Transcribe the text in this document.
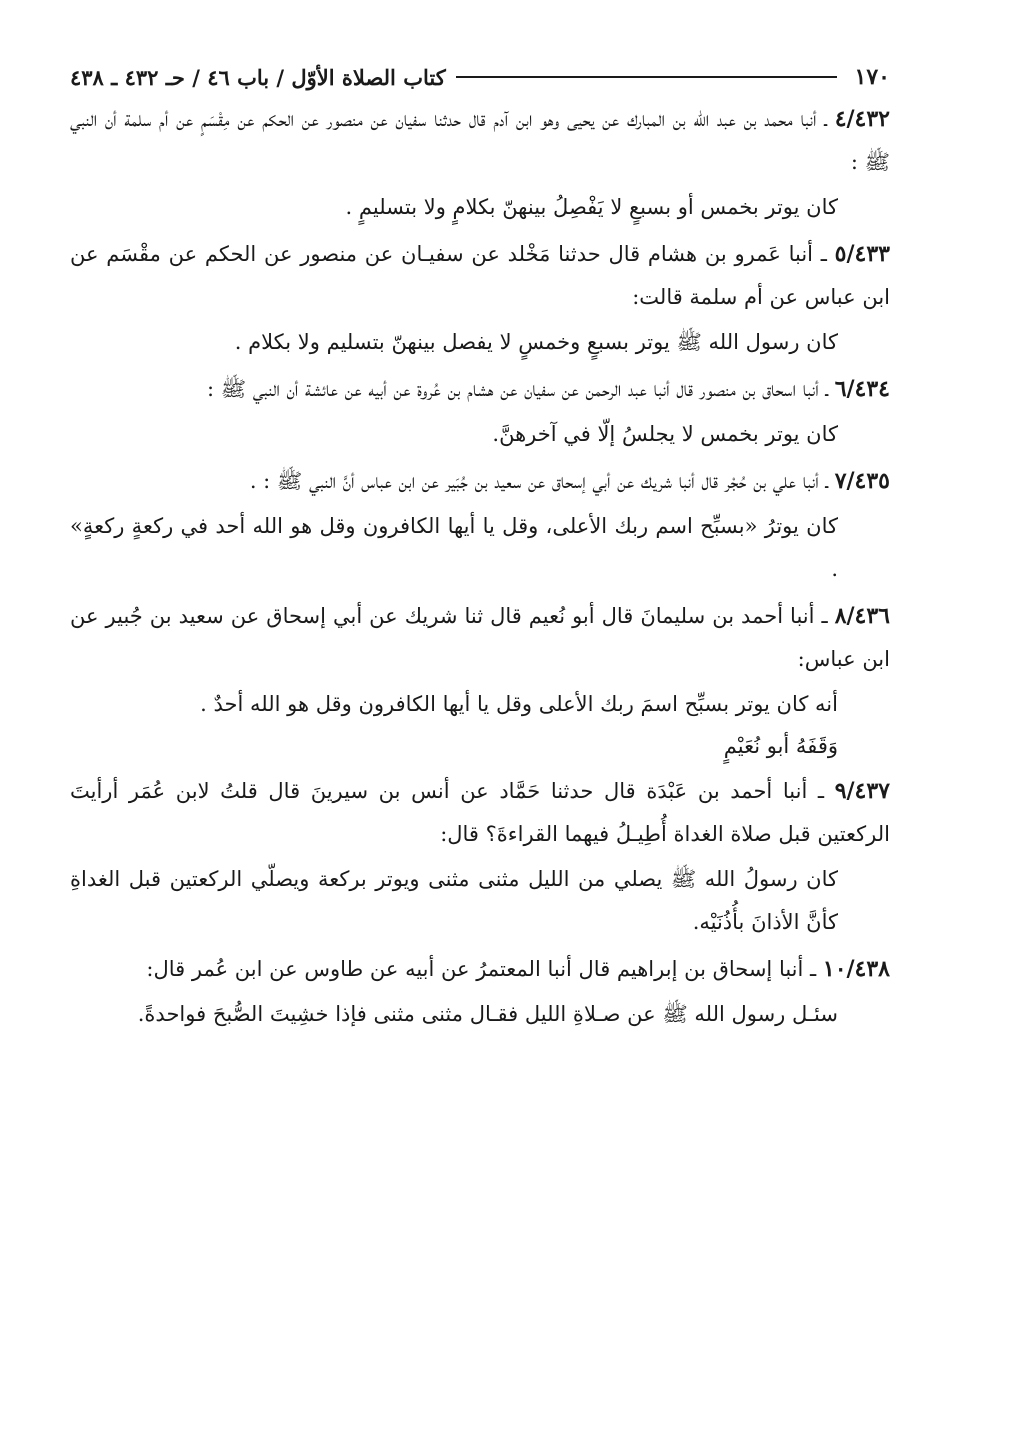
١٧٠
كتاب الصلاة الأوّل / باب ٤٦ / حـ ٤٣٢ ـ ٤٣٨

٤/٤٣٢ ـ أنبا محمد بن عبد الله بن المبارك عن يحيى وهو ابن آدم قال حدثنا سفيان عن منصور عن الحكم عن مِقْسَمٍ عن أم سلمة أن النبي ﷺ :

كان يوتر بخمس أو بسبعٍ لا يَفْصِلُ بينهنّ بكلامٍ ولا بتسليمٍ .

٥/٤٣٣ ـ أنبا عَمرو بن هشام قال حدثنا مَخْلد عن سفيـان عن منصور عن الحكم عن مقْسَم عن ابن عباس عن أم سلمة قالت:

كان رسول الله ﷺ يوتر بسبعٍ وخمسٍ لا يفصل بينهنّ بتسليم ولا بكلام .

٦/٤٣٤ ـ أنبا اسحاق بن منصور قال أنبا عبد الرحمن عن سفيان عن هشام بن عُروة عن أبيه عن عائشة أن النبي ﷺ :

كان يوتر بخمس لا يجلسُ إلّا في آخرهنَّ.

٧/٤٣٥ ـ أنبا علي بن حُجْر قال أنبا شريك عن أبي إسحاق عن سعيد بن جُبَير عن ابن عباس أنَّ النبي ﷺ : .

كان يوترُ «بسبِّح اسم ربك الأعلى، وقل يا أيها الكافرون وقل هو الله أحد في ركعةٍ ركعةٍ» .

٨/٤٣٦ ـ أنبا أحمد بن سليمانَ قال أبو نُعيم قال ثنا شريك عن أبي إسحاق عن سعيد بن جُبير عن ابن عباس:

أنه كان يوتر بسبِّح اسمَ ربك الأعلى وقل يا أيها الكافرون وقل هو الله أحدٌ .

وَقَفَهُ أبو نُعَيْمٍ

٩/٤٣٧ ـ أنبا أحمد بن عَبْدَة قال حدثنا حَمَّاد عن أنس بن سيرينَ قال قلتُ لابن عُمَر أرأيتَ الركعتين قبل صلاة الغداة أُطِيـلُ فيهما القراءةَ؟ قال:

كان رسولُ الله ﷺ يصلي من الليل مثنى مثنى ويوتر بركعة ويصلّي الركعتين قبل الغداةِ كأنَّ الأذانَ بأُذُنَيْه.

١٠/٤٣٨ ـ أنبا إسحاق بن إبراهيم قال أنبا المعتمرُ عن أبيه عن طاوس عن ابن عُمر قال:

سئـل رسول الله ﷺ عن صـلاةِ الليل فقـال مثنى مثنى فإذا خشِيتَ الصُّبحَ فواحدةً.
